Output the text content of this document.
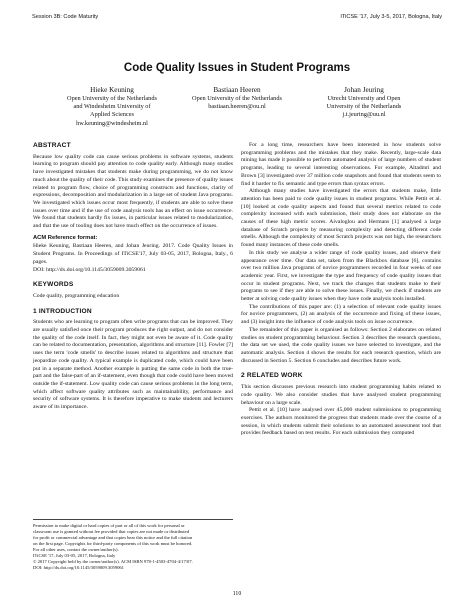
Session 3B: Code Maturity	ITiCSE '17, July 3-5, 2017, Bologna, Italy
Code Quality Issues in Student Programs
Hieke Keuning
Open University of the Netherlands
and Windesheim University of
Applied Sciences
hw.keuning@windesheim.nl
Bastiaan Heeren
Open University of the Netherlands
bastiaan.heeren@ou.nl
Johan Jeuring
Utrecht University and Open
University of the Netherlands
j.t.jeuring@uu.nl
ABSTRACT

Because low quality code can cause serious problems in software systems, students learning to program should pay attention to code quality early. Although many studies have investigated mistakes that students make during programming, we do not know much about the quality of their code. This study examines the presence of quality issues related to program flow, choice of programming constructs and functions, clarity of expressions, decomposition and modularization in a large set of student Java programs. We investigated which issues occur most frequently, if students are able to solve these issues over time and if the use of code analysis tools has an effect on issue occurrence. We found that students hardly fix issues, in particular issues related to modularization, and that the use of tooling does not have much effect on the occurrence of issues.

ACM Reference format:

Hieke Keuning, Bastiaan Heeren, and Johan Jeuring. 2017. Code Quality Issues in Student Programs. In Proceedings of ITiCSE'17, July 03-05, 2017, Bologna, Italy., 6 pages.

DOI: http://dx.doi.org/10.1145/3059009.3059061

KEYWORDS

Code quality, programming education

1 INTRODUCTION

Students who are learning to program often write programs that can be improved. They are usually satisfied once their program produces the right output, and do not consider the quality of the code itself. In fact, they might not even be aware of it. Code quality can be related to documentation, presentation, algorithms and structure [11]. Fowler [7] uses the term 'code smells' to describe issues related to algorithms and structure that jeopardize code quality. A typical example is duplicated code, which could have been put in a separate method. Another example is putting the same code in both the true-part and the false-part of an if-statement, even though that code could have been moved outside the if-statement. Low quality code can cause serious problems in the long term, which affect software quality attributes such as maintainability, performance and security of software systems. It is therefore imperative to make students and lecturers aware of its importance.

Permission to make digital or hard copies of part or all of this work for personal or
classroom use is granted without fee provided that copies are not made or distributed
for profit or commercial advantage and that copies bear this notice and the full citation
on the first page. Copyrights for third-party components of this work must be honored.
For all other uses, contact the owner/author(s).
ITiCSE '17, July 03-05, 2017, Bologna, Italy
© 2017 Copyright held by the owner/author(s). ACM ISBN 978-1-4503-4704-4/17/07.
DOI: http://dx.doi.org/10.1145/3059009.3059061

For a long time, researchers have been interested in how students solve programming problems and the mistakes that they make. Recently, large-scale data mining has made it possible to perform automated analysis of large numbers of student programs, leading to several interesting observations. For example, Altadmri and Brown [3] investigated over 37 million code snapshots and found that students seem to find it harder to fix semantic and type errors than syntax errors.

Although many studies have investigated the errors that students make, little attention has been paid to code quality issues in student programs. While Pettit et al. [10] looked at code quality aspects and found that several metrics related to code complexity increased with each submission, their study does not elaborate on the causes of these high metric scores. Aivaloglou and Hermans [1] analysed a large database of Scratch projects by measuring complexity and detecting different code smells. Although the complexity of most Scratch projects was not high, the researchers found many instances of these code smells.

In this study we analyse a wider range of code quality issues, and observe their appearance over time. Our data set, taken from the Blackbox database [6], contains over two million Java programs of novice programmers recorded in four weeks of one academic year. First, we investigate the type and frequency of code quality issues that occur in student programs. Next, we track the changes that students make to their programs to see if they are able to solve these issues. Finally, we check if students are better at solving code quality issues when they have code analysis tools installed.

The contributions of this paper are: (1) a selection of relevant code quality issues for novice programmers, (2) an analysis of the occurrence and fixing of these issues, and (3) insight into the influence of code analysis tools on issue occurrence.

The remainder of this paper is organised as follows: Section 2 elaborates on related studies on student programming behaviour. Section 3 describes the research questions, the data set we used, the code quality issues we have selected to investigate, and the automatic analysis. Section 4 shows the results for each research question, which are discussed in Section 5. Section 6 concludes and describes future work.

2 RELATED WORK

This section discusses previous research into student programming habits related to code quality. We also consider studies that have analysed student programming behaviour on a large scale.

Pettit et al. [10] have analysed over 45,000 student submissions to programming exercises. The authors monitored the progress that students made over the course of a session, in which students submit their solutions to an automated assessment tool that provides feedback based on test results. For each submission they computed

110
